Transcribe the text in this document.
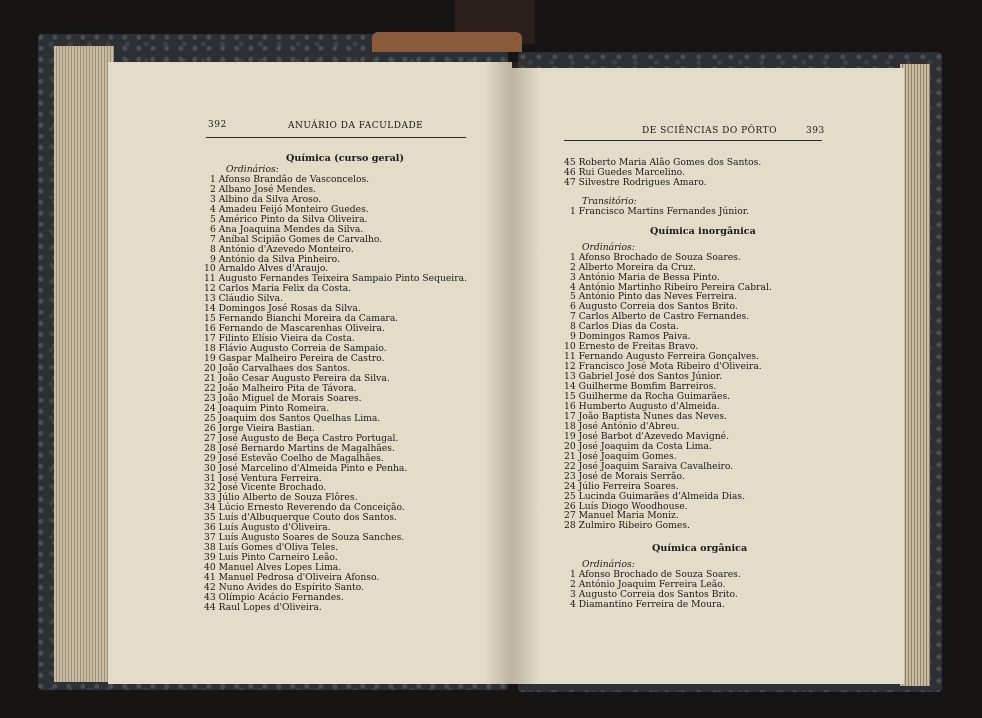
392	ANUÁRIO DA FACULDADE
Química (curso geral)
Ordinários:
1 Afonso Brandão de Vasconcelos.
2 Albano José Mendes.
3 Albino da Silva Aroso.
4 Amadeu Feijó Monteiro Guedes.
5 Américo Pinto da Silva Oliveira.
6 Ana Joaquina Mendes da Silva.
7 Aníbal Scipião Gomes de Carvalho.
8 António d'Azevedo Monteiro.
9 António da Silva Pinheiro.
10 Arnaldo Alves d'Araujo.
11 Augusto Fernandes Teixeira Sampaio Pinto Sequeira.
12 Carlos Maria Felix da Costa.
13 Cláudio Silva.
14 Domingos José Rosas da Silva.
15 Fernando Bianchi Moreira da Camara.
16 Fernando de Mascarenhas Oliveira.
17 Filinto Elísio Vieira da Costa.
18 Flávio Augusto Correia de Sampaio.
19 Gaspar Malheiro Pereira de Castro.
20 João Carvalhaes dos Santos.
21 João Cesar Augusto Pereira da Silva.
22 João Malheiro Pita de Távora.
23 João Miguel de Morais Soares.
24 Joaquim Pinto Romeira.
25 Joaquim dos Santos Quelhas Lima.
26 Jorge Vieira Bastian.
27 José Augusto de Beça Castro Portugal.
28 José Bernardo Martins de Magalhães.
29 José Estevão Coelho de Magalhães.
30 José Marcelino d'Almeida Pinto e Penha.
31 José Ventura Ferreira.
32 José Vicente Brochado.
33 Júlio Alberto de Souza Flôres.
34 Lúcio Ernesto Reverendo da Conceição.
35 Luís d'Albuquerque Couto dos Santos.
36 Luís Augusto d'Oliveira.
37 Luís Augusto Soares de Souza Sanches.
38 Luís Gomes d'Oliva Teles.
39 Luís Pinto Carneiro Leão.
40 Manuel Alves Lopes Lima.
41 Manuel Pedrosa d'Oliveira Afonso.
42 Nuno Avides do Espírito Santo.
43 Olímpio Acácio Fernandes.
44 Raul Lopes d'Oliveira.
DE SCIÊNCIAS DO PÔRTO	393
45 Roberto Maria Alão Gomes dos Santos.
46 Rui Guedes Marcelino.
47 Silvestre Rodrigues Amaro.
Transitório:
1 Francisco Martins Fernandes Júnior.
Química inorgânica
Ordinários:
1 Afonso Brochado de Souza Soares.
2 Alberto Moreira da Cruz.
3 António Maria de Bessa Pinto.
4 António Martinho Ribeiro Pereira Cabral.
5 António Pinto das Neves Ferreira.
6 Augusto Correia dos Santos Brito.
7 Carlos Alberto de Castro Fernandes.
8 Carlos Dias da Costa.
9 Domingos Ramos Paiva.
10 Ernesto de Freitas Bravo.
11 Fernando Augusto Ferreira Gonçalves.
12 Francisco José Mota Ribeiro d'Oliveira.
13 Gabriel José dos Santos Júnior.
14 Guilherme Bomfim Barreiros.
15 Guilherme da Rocha Guimarães.
16 Humberto Augusto d'Almeida.
17 João Baptista Nunes das Neves.
18 José António d'Abreu.
19 José Barbot d'Azevedo Mavigné.
20 José Joaquim da Costa Lima.
21 José Joaquim Gomes.
22 José Joaquim Saraiva Cavalheiro.
23 José de Morais Serrão.
24 Júlio Ferreira Soares.
25 Lucinda Guimarães d'Almeida Dias.
26 Luís Diogo Woodhouse.
27 Manuel Maria Moniz.
28 Zulmiro Ribeiro Gomes.
Química orgânica
Ordinários:
1 Afonso Brochado de Souza Soares.
2 António Joaquim Ferreira Leão.
3 Augusto Correia dos Santos Brito.
4 Diamantino Ferreira de Moura.
